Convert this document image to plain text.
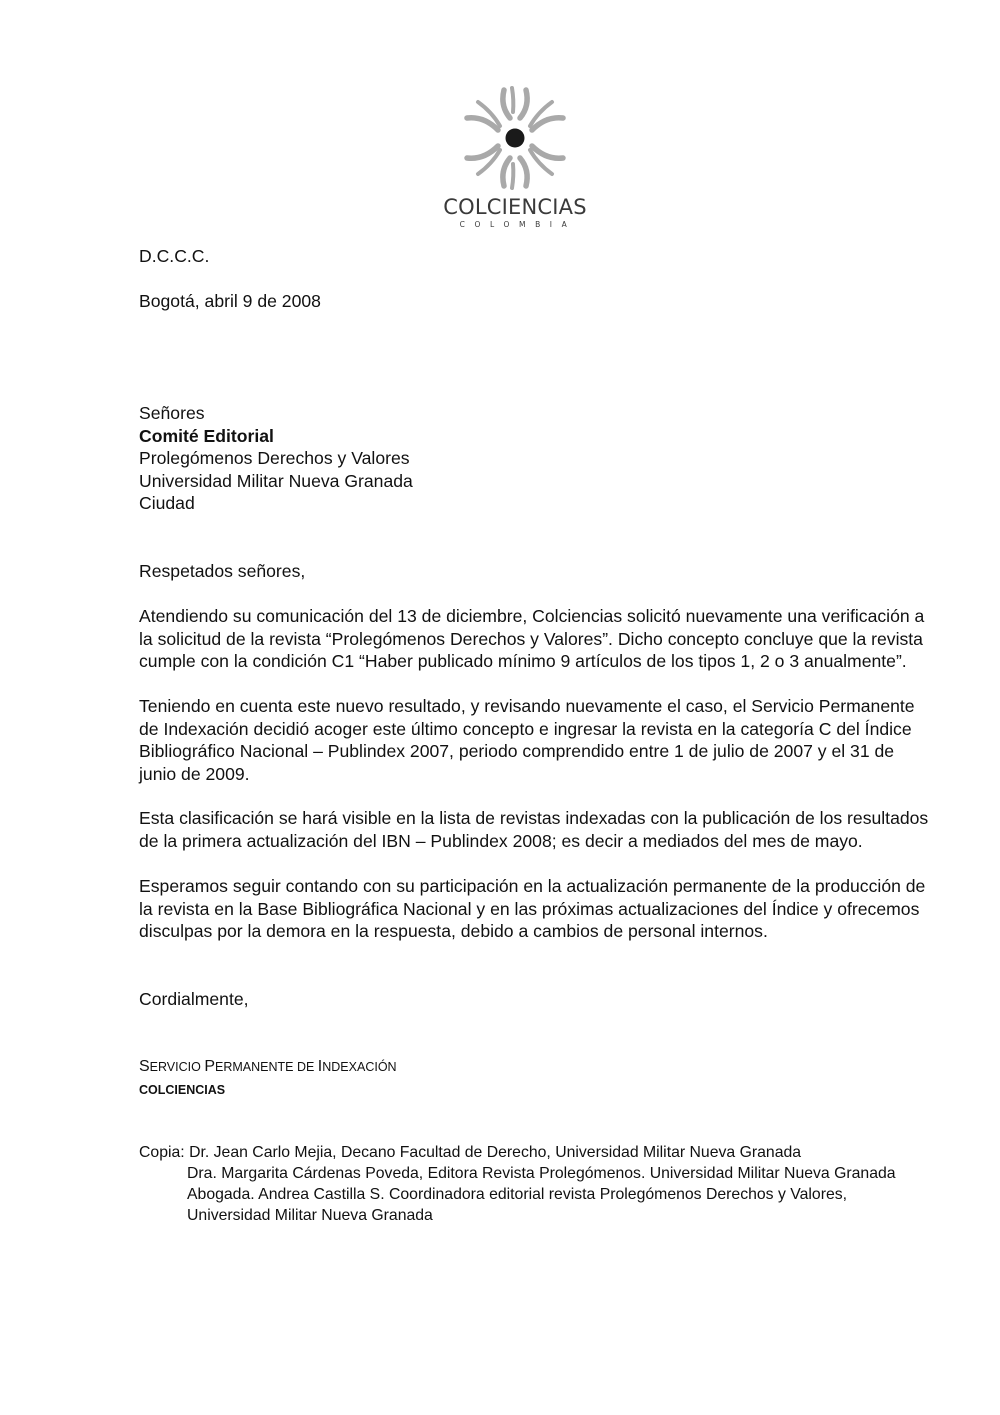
COLCIENCIAS
COLOMBIA
D.C.C.C.
Bogotá, abril 9 de 2008
Señores
Comité Editorial
Prolegómenos Derechos y Valores
Universidad Militar Nueva Granada
Ciudad
Respetados señores,
Atendiendo su comunicación del 13 de diciembre, Colciencias solicitó nuevamente una verificación a
la solicitud de la revista “Prolegómenos Derechos y Valores”. Dicho concepto concluye que la revista
cumple con la condición C1 “Haber publicado mínimo 9 artículos de los tipos 1, 2 o 3 anualmente”.
Teniendo en cuenta este nuevo resultado, y revisando nuevamente el caso, el Servicio Permanente
de Indexación decidió acoger este último concepto e ingresar la revista en la categoría C del Índice
Bibliográfico Nacional – Publindex 2007, periodo comprendido entre 1 de julio de 2007 y el 31 de
junio de 2009.
Esta clasificación se hará visible en la lista de revistas indexadas con la publicación de los resultados
de la primera actualización del IBN – Publindex 2008; es decir a mediados del mes de mayo.
Esperamos seguir contando con su participación en la actualización permanente de la producción de
la revista en la Base Bibliográfica Nacional y en las próximas actualizaciones del Índice y ofrecemos
disculpas por la demora en la respuesta, debido a cambios de personal internos.
Cordialmente,
SERVICIO PERMANENTE DE INDEXACIÓN
COLCIENCIAS
Copia: Dr. Jean Carlo Mejia, Decano Facultad de Derecho, Universidad Militar Nueva Granada
Dra. Margarita Cárdenas Poveda, Editora Revista Prolegómenos. Universidad Militar Nueva Granada
Abogada. Andrea Castilla S. Coordinadora editorial revista Prolegómenos Derechos y Valores,
Universidad Militar Nueva Granada
